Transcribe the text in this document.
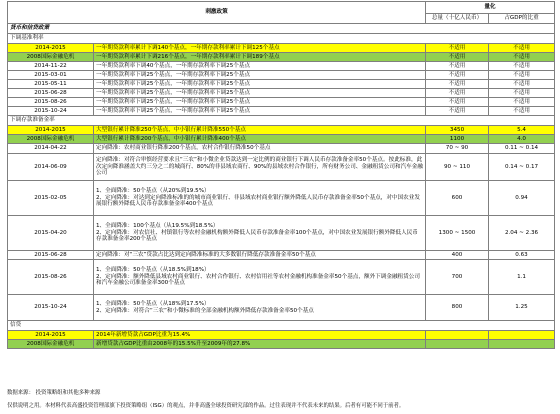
刺激政策		量化	
		总量（十亿人民币）	占GDP的比重
货币和信贷政策			
下调基准利率			
2014-2015	一年期贷款利率累计下调140个基点，一年期存款利率累计下调125个基点	不适用	不适用
2008国际金融危机	一年期贷款利率累计下调216个基点，一年期存款利率累计下调189个基点	不适用	不适用
2014-11-22	一年期贷款利率下调40个基点，一年期存款利率下调25个基点	不适用	不适用
2015-03-01	一年期贷款利率下调25个基点，一年期存款利率下调25个基点	不适用	不适用
2015-05-11	一年期贷款利率下调25个基点，一年期存款利率下调25个基点	不适用	不适用
2015-06-28	一年期贷款利率下调25个基点，一年期存款利率下调25个基点	不适用	不适用
2015-08-26	一年期贷款利率下调25个基点，一年期存款利率下调25个基点	不适用	不适用
2015-10-24	一年期贷款利率下调25个基点，一年期存款利率下调25个基点	不适用	不适用
下调存款准备金率			
2014-2015	大型银行累计降准250个基点，中小银行累计降准550个基点	3450	5.4
2008国际金融危机	大型银行累计降准200个基点，中小银行累计降准400个基点	1100	4.0
2014-04-22	定向降准：农村商业银行降准200个基点，农村合作银行降准50个基点	70 ~ 90	0.11 ~ 0.14
2014-06-09	定向降准：对符合审慎经营要求且“三农”和小微企业贷款达到一定比例的商业银行下调人民币存款准备金率50个基点。按此标准，此次定向降准涵盖大约三分之二的城商行、80%的非县域农商行、90%的县域农村合作银行，所有财务公司、金融租赁公司和汽车金融公司	90 ~ 110	0.14 ~ 0.17
2015-02-05	1、全面降准：50个基点（从20%到19.5%）
2、定向降准：对达到定向降准标准的的城市商业银行、非县域农村商业银行额外降低人民币存款准备金率50个基点，对中国农业发展银行额外降低人民币存款准备金率400个基点	600	0.94
2015-04-20	1、全面降准：100个基点（从19.5%到18.5%）
2、定向降准：对农信社、村镇银行等农村金融机构额外降低人民币存款准备金率100个基点，对中国农业发展银行额外降低人民币存款准备金率200个基点	1300 ~ 1500	2.04 ~ 2.36
2015-06-28	定向降准：对“三农”贷款占比达到定向降准标准的大多数银行降低存款准备金率50个基点	400	0.63
2015-08-26	1、全面降准：50个基点（从18.5%到18%）
2、定向降准：额外降低县域农村商业银行、农村合作银行、农村信用社等农村金融机构准备金率50个基点，额外下调金融租赁公司和汽车金融公司准备金率300个基点	700	1.1
2015-10-24	1、全面降准：50个基点（从18%到17.5%）
2、定向降准：对符合“三农”和小微标准的全部金融机构额外降低存款准备金率50个基点	800	1.25
信贷			
2014-2015	2014年新增贷款占GDP比重为15.4%		
2008国际金融危机	新增贷款占GDP比重由2008年的15.5%升至2009年的27.8%		
数据来源： 投资策略组和其他多种来源
仅供说明之用。本材料代表高盛投资管理部旗下投资策略组（ISG）的观点，并非高盛全球投资研究部的作品。过往表现并不代表未来的结果。后者有可能不同于前者。
